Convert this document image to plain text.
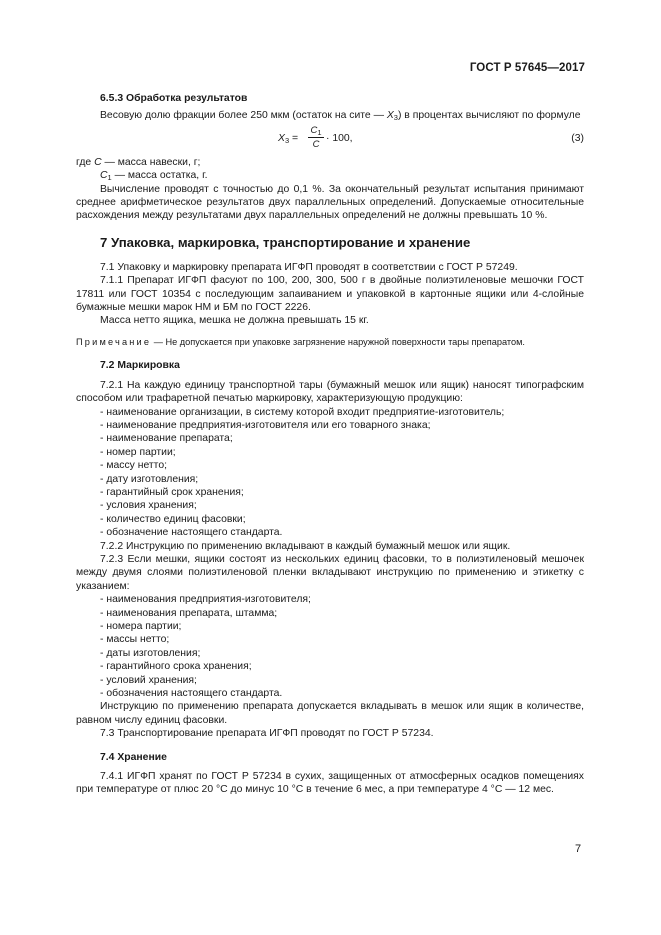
ГОСТ Р 57645—2017

6.5.3 Обработка результатов

Весовую долю фракции более 250 мкм (остаток на сите — $X_3$) в процентах вычисляют по формуле

$X_3 = \frac{C_1}{C} \cdot 100$,	(3)

где C — масса навески, г;

$C_1$ — масса остатка, г.

Вычисление проводят с точностью до 0,1 %. За окончательный результат испытания принимают среднее арифметическое результатов двух параллельных определений. Допускаемые относительные расхождения между результатами двух параллельных определений не должны превышать 10 %.

7 Упаковка, маркировка, транспортирование и хранение

7.1 Упаковку и маркировку препарата ИГФП проводят в соответствии с ГОСТ Р 57249.

7.1.1 Препарат ИГФП фасуют по 100, 200, 300, 500 г в двойные полиэтиленовые мешочки ГОСТ 17811 или ГОСТ 10354 с последующим запаиванием и упаковкой в картонные ящики или 4-слойные бумажные мешки марок НМ и БМ по ГОСТ 2226.

Масса нетто ящика, мешка не должна превышать 15 кг.

Примечание — Не допускается при упаковке загрязнение наружной поверхности тары препаратом.

7.2 Маркировка

7.2.1 На каждую единицу транспортной тары (бумажный мешок или ящик) наносят типографским способом или трафаретной печатью маркировку, характеризующую продукцию:

- наименование организации, в систему которой входит предприятие-изготовитель;

- наименование предприятия-изготовителя или его товарного знака;

- наименование препарата;

- номер партии;

- массу нетто;

- дату изготовления;

- гарантийный срок хранения;

- условия хранения;

- количество единиц фасовки;

- обозначение настоящего стандарта.

7.2.2 Инструкцию по применению вкладывают в каждый бумажный мешок или ящик.

7.2.3 Если мешки, ящики состоят из нескольких единиц фасовки, то в полиэтиленовый мешочек между двумя слоями полиэтиленовой пленки вкладывают инструкцию по применению и этикетку с указанием:

- наименования предприятия-изготовителя;

- наименования препарата, штамма;

- номера партии;

- массы нетто;

- даты изготовления;

- гарантийного срока хранения;

- условий хранения;

- обозначения настоящего стандарта.

Инструкцию по применению препарата допускается вкладывать в мешок или ящик в количестве, равном числу единиц фасовки.

7.3 Транспортирование препарата ИГФП проводят по ГОСТ Р 57234.

7.4 Хранение

7.4.1 ИГФП хранят по ГОСТ Р 57234 в сухих, защищенных от атмосферных осадков помещениях при температуре от плюс 20 °С до минус 10 °С в течение 6 мес, а при температуре 4 °С — 12 мес.

7
